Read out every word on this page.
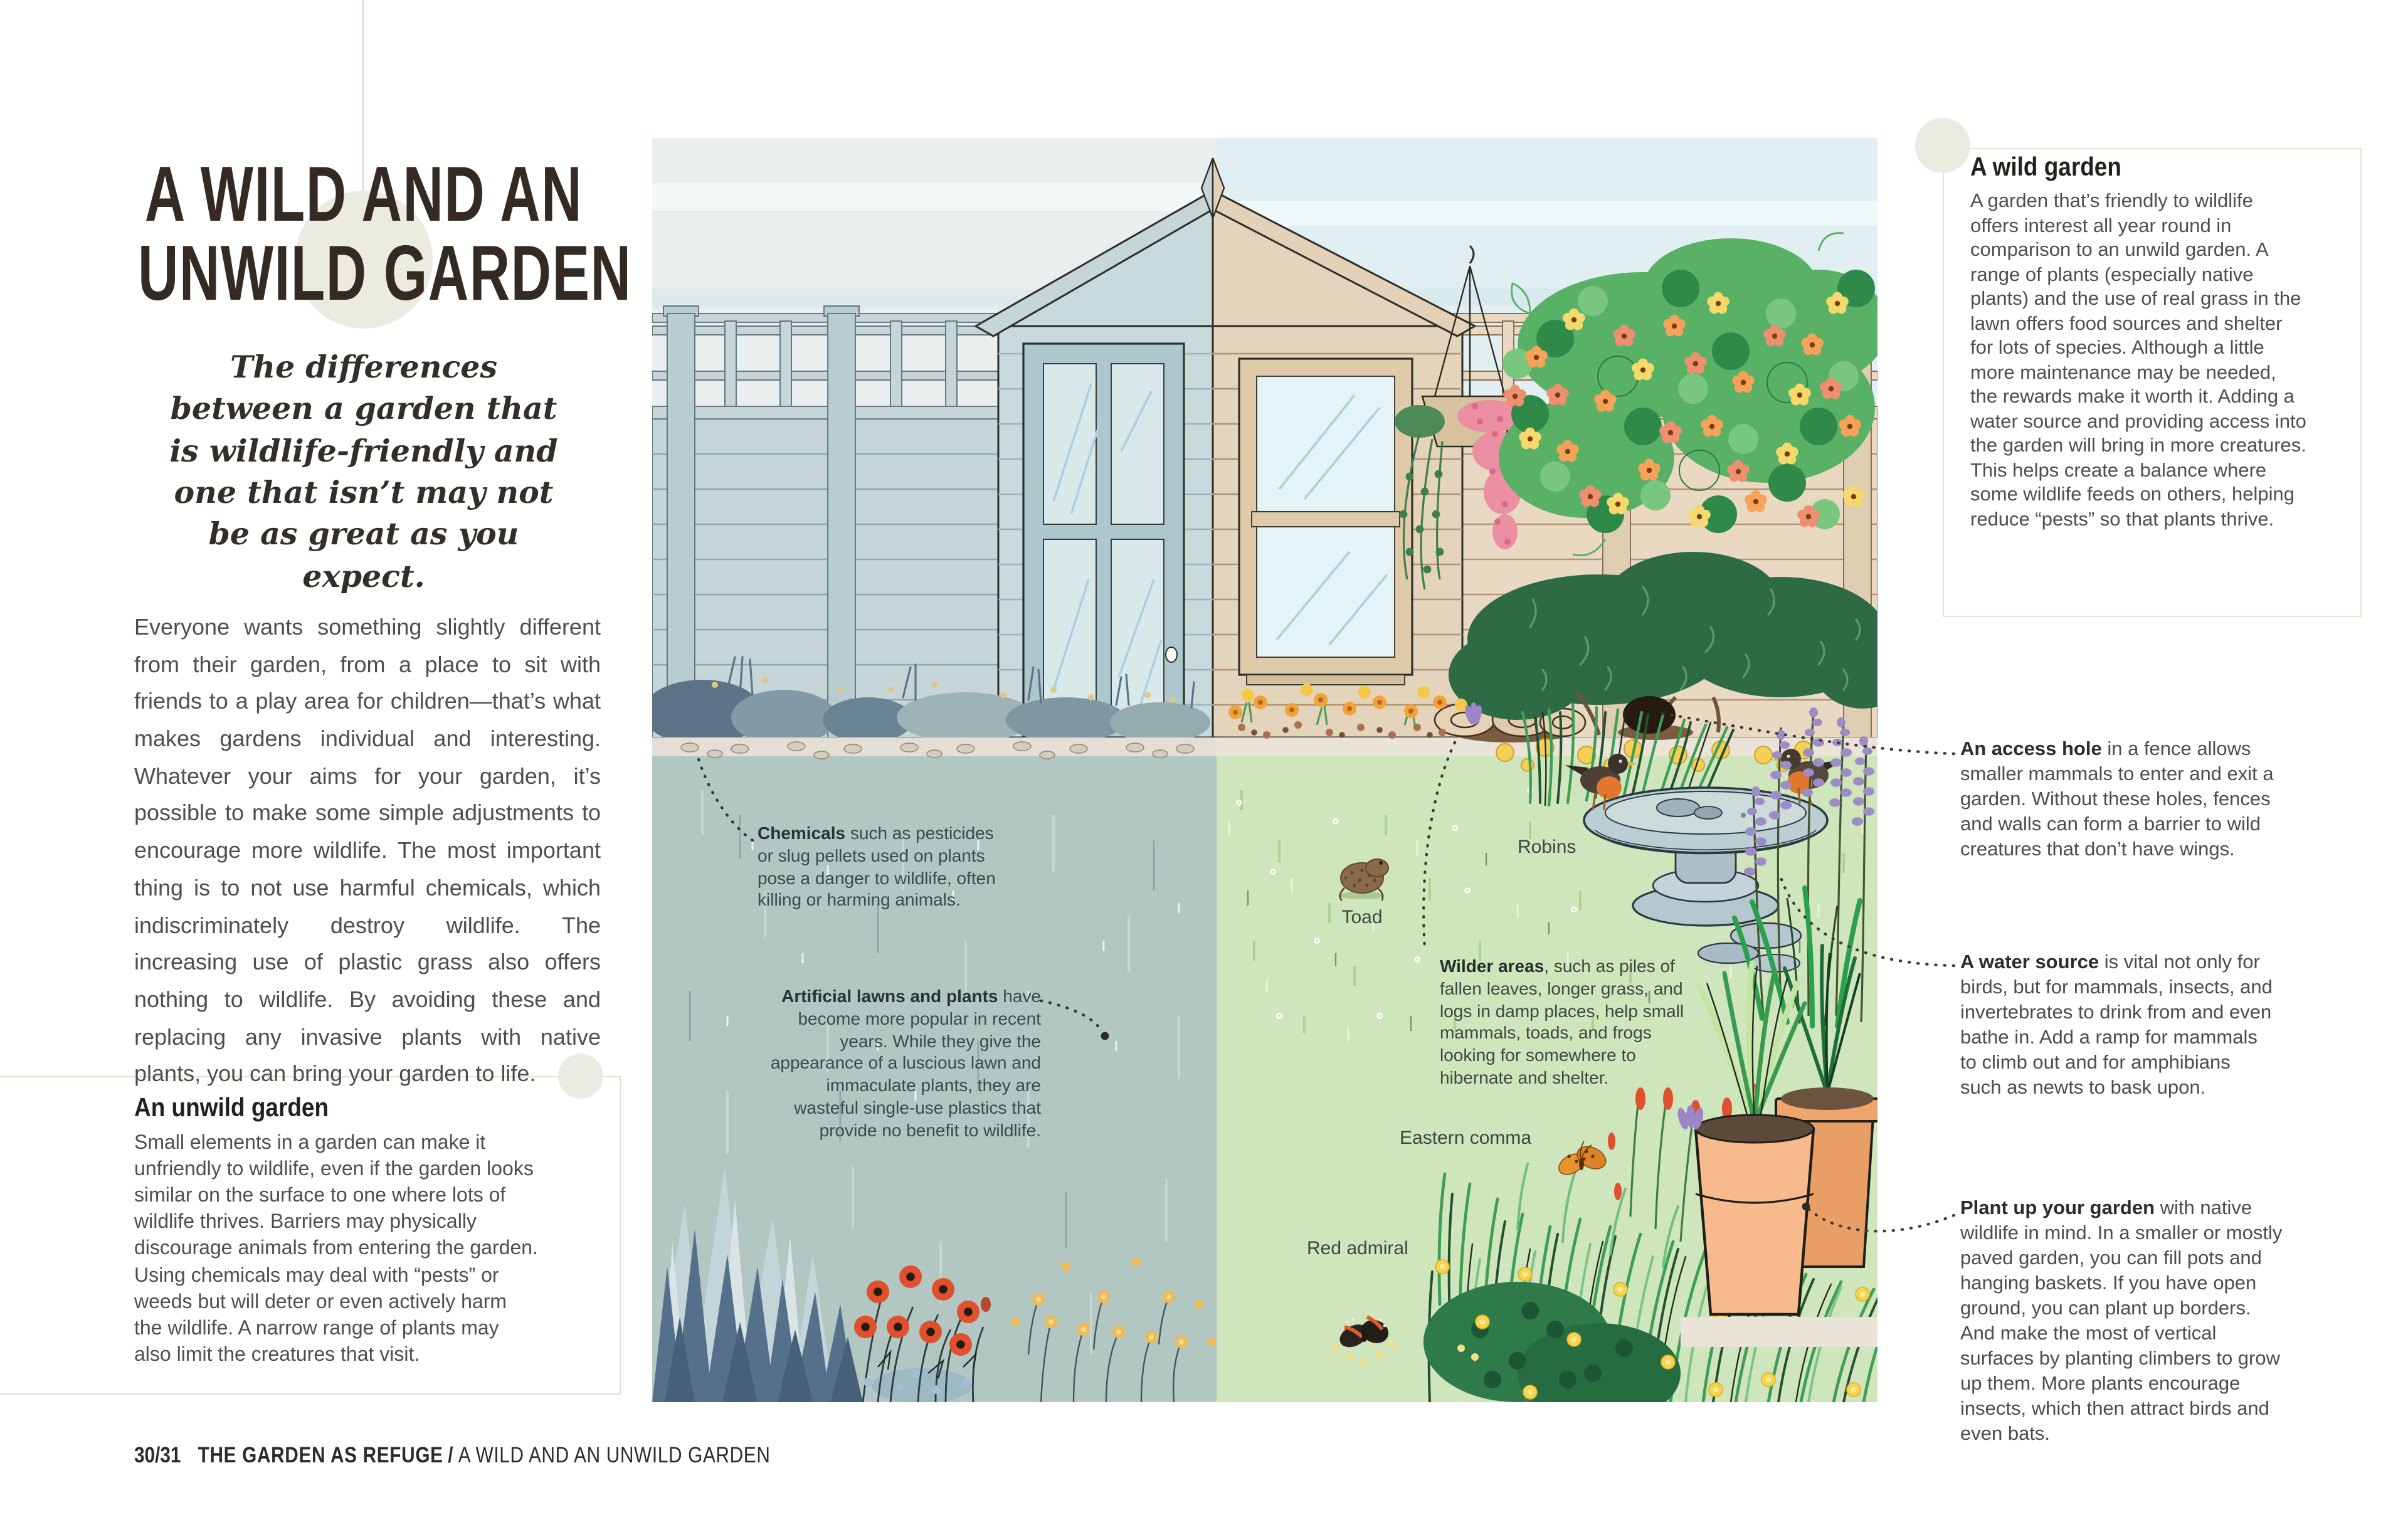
A WILD AND AN
UNWILD GARDEN
The differences between a garden that is wildlife-friendly and one that isn’t may not be as great as you expect.
Everyone wants something slightly different from their garden, from a place to sit with friends to a play area for children—that’s what makes gardens individual and interesting. Whatever your aims for your garden, it’s possible to make some simple adjustments to encourage more wildlife. The most important thing is to not use harmful chemicals, which indiscriminately destroy wildlife. The increasing use of plastic grass also offers nothing to wildlife. By avoiding these and replacing any invasive plants with native plants, you can bring your garden to life.
An unwild garden

Small elements in a garden can make it unfriendly to wildlife, even if the garden looks similar on the surface to one where lots of wildlife thrives. Barriers may physically discourage animals from entering the garden. Using chemicals may deal with “pests” or weeds but will deter or even actively harm the wildlife. A narrow range of plants may also limit the creatures that visit.

A wild garden

A garden that’s friendly to wildlife offers interest all year round in comparison to an unwild garden. A range of plants (especially native plants) and the use of real grass in the lawn offers food sources and shelter for lots of species. Although a little more maintenance may be needed, the rewards make it worth it. Adding a water source and providing access into the garden will bring in more creatures. This helps create a balance where some wildlife feeds on others, helping reduce “pests” so that plants thrive.

An access hole in a fence allows smaller mammals to enter and exit a garden. Without these holes, fences and walls can form a barrier to wild creatures that don’t have wings.

A water source is vital not only for birds, but for mammals, insects, and invertebrates to drink from and even bathe in. Add a ramp for mammals to climb out and for amphibians such as newts to bask upon.

Plant up your garden with native wildlife in mind. In a smaller or mostly paved garden, you can fill pots and hanging baskets. If you have open ground, you can plant up borders. And make the most of vertical surfaces by planting climbers to grow up them. More plants encourage insects, which then attract birds and even bats.

30/31 THE GARDEN AS REFUGE / A WILD AND AN UNWILD GARDEN
Chemicals such as pesticides or slug pellets used on plants pose a danger to wildlife, often killing or harming animals.
Artificial lawns and plants have become more popular in recent years. While they give the appearance of a luscious lawn and immaculate plants, they are wasteful single-use plastics that provide no benefit to wildlife.
Wilder areas, such as piles of fallen leaves, longer grass, and logs in damp places, help small mammals, toads, and frogs looking for somewhere to hibernate and shelter.
Toad
Robins
Eastern comma
Red admiral
